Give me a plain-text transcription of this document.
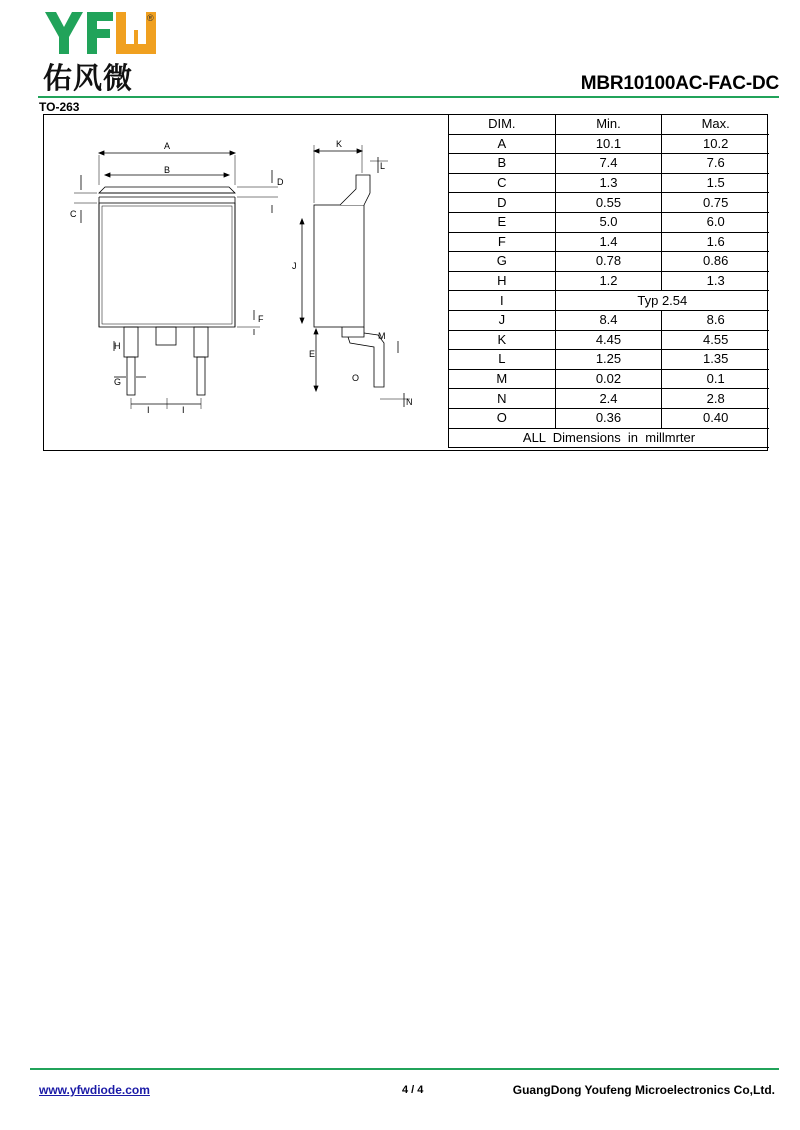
®
佑风微	MBR10100AC-FAC-DC
TO-263
A
B
C
D
E
F
G
H
I	I
J
K
L
M
N
O
DIM.	Min.	Max.
A	10.1	10.2
B	7.4	7.6
C	1.3	1.5
D	0.55	0.75
E	5.0	6.0
F	1.4	1.6
G	0.78	0.86
H	1.2	1.3
I	Typ 2.54	
J	8.4	8.6
K	4.45	4.55
L	1.25	1.35
M	0.02	0.1
N	2.4	2.8
O	0.36	0.40
ALL  Dimensions  in  millmrter		
www.yfwdiode.com	4 / 4	GuangDong Youfeng Microelectronics Co,Ltd.
